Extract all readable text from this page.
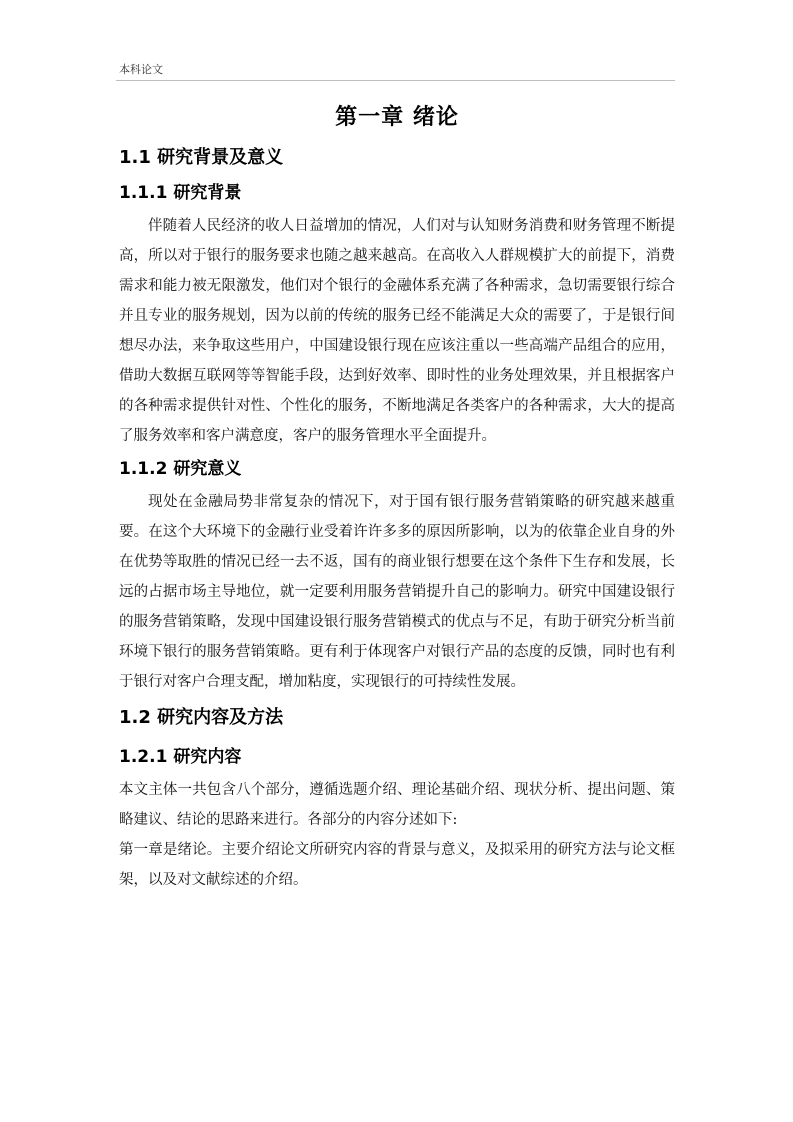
本科论文
第一章 绪论
1.1 研究背景及意义
1.1.1 研究背景

伴随着人民经济的收人日益增加的情况，人们对与认知财务消费和财务管理不断提高，所以对于银行的服务要求也随之越来越高。在高收入人群规模扩大的前提下，消费需求和能力被无限激发，他们对个银行的金融体系充满了各种需求，急切需要银行综合并且专业的服务规划，因为以前的传统的服务已经不能满足大众的需要了，于是银行间想尽办法，来争取这些用户，中国建设银行现在应该注重以一些高端产品组合的应用，借助大数据互联网等等智能手段，达到好效率、即时性的业务处理效果，并且根据客户的各种需求提供针对性、个性化的服务，不断地满足各类客户的各种需求，大大的提高了服务效率和客户满意度，客户的服务管理水平全面提升。

1.1.2 研究意义

现处在金融局势非常复杂的情况下，对于国有银行服务营销策略的研究越来越重要。在这个大环境下的金融行业受着许许多多的原因所影响，以为的依靠企业自身的外在优势等取胜的情况已经一去不返，国有的商业银行想要在这个条件下生存和发展，长远的占据市场主导地位，就一定要利用服务营销提升自己的影响力。研究中国建设银行的服务营销策略，发现中国建设银行服务营销模式的优点与不足，有助于研究分析当前环境下银行的服务营销策略。更有利于体现客户对银行产品的态度的反馈，同时也有利于银行对客户合理支配，增加粘度，实现银行的可持续性发展。

1.2 研究内容及方法
1.2.1 研究内容

本文主体一共包含八个部分，遵循选题介绍、理论基础介绍、现状分析、提出问题、策略建议、结论的思路来进行。各部分的内容分述如下:

第一章是绪论。主要介绍论文所研究内容的背景与意义，及拟采用的研究方法与论文框架，以及对文献综述的介绍。
